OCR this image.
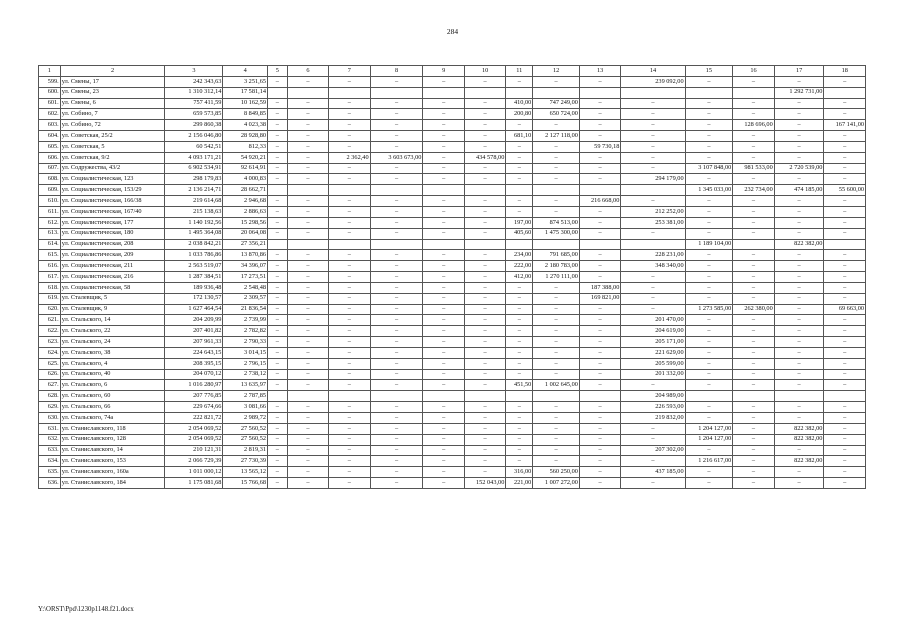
284
1	2	3	4	5	6	7	8	9	10	11	12	13	14	15	16	17	18
599.	ул. Смены, 17	242 343,63	3 251,65	–	–	–	–	–	–	–	–	–	239 092,00	–	–	–	–
600.	ул. Смены, 23	1 310 312,14	17 581,14													1 292 731,00	
601.	ул. Смены, 6	757 411,59	10 162,59	–	–	–	–	–	–	410,00	747 249,00	–	–	–	–	–	–
602.	ул. Собино, 7	659 573,85	8 849,85	–	–	–	–	–	–	200,80	650 724,00	–	–	–	–	–	–
603.	ул. Собино, 72	299 860,38	4 023,38	–	–	–	–	–	–	–	–	–	–	–	128 696,00	–	167 141,00
604.	ул. Советская, 25/2	2 156 046,80	28 928,80	–	–	–	–	–	–	681,10	2 127 118,00	–	–	–	–	–	–
605.	ул. Советская, 5	60 542,51	812,33	–	–	–	–	–	–	–	–	59 730,18	–	–	–	–	–
606.	ул. Советская, 9/2	4 093 171,21	54 920,21	–	–	2 362,40	3 603 673,00	–	434 578,00	–	–	–	–	–	–	–	–
607.	ул. Содружества, 43/2	6 902 534,91	92 614,91	–	–	–	–	–	–	–	–	–	–	3 107 848,00	981 533,00	2 720 539,00	–
608.	ул. Социалистическая, 123	298 179,83	4 000,83	–	–	–	–	–	–	–	–	–	294 179,00	–	–	–	–
609.	ул. Социалистическая, 153/29	2 136 214,71	28 662,71											1 345 033,00	232 734,00	474 185,00	55 600,00
610.	ул. Социалистическая, 166/38	219 614,68	2 946,68	–	–	–	–	–	–	–	–	216 668,00	–	–	–	–	–
611.	ул. Социалистическая, 167/40	215 138,63	2 886,63	–	–	–	–	–	–	–	–	–	212 252,00	–	–	–	–
612.	ул. Социалистическая, 177	1 140 192,56	15 298,56	–	–	–	–	–	–	197,00	874 513,00	–	253 381,00	–	–	–	–
613.	ул. Социалистическая, 180	1 495 364,08	20 064,08	–	–	–	–	–	–	405,60	1 475 300,00	–	–	–	–	–	–
614.	ул. Социалистическая, 208	2 038 842,21	27 356,21											1 189 104,00		822 382,00	
615.	ул. Социалистическая, 209	1 033 786,86	13 870,86	–	–	–	–	–	–	234,00	791 685,00	–	228 231,00	–	–	–	–
616.	ул. Социалистическая, 211	2 563 519,07	34 396,07	–	–	–	–	–	–	222,00	2 180 783,00	–	348 340,00	–	–	–	–
617.	ул. Социалистическая, 216	1 287 384,51	17 273,51	–	–	–	–	–	–	412,00	1 270 111,00	–	–	–	–	–	–
618.	ул. Социалистическая, 58	189 936,48	2 548,48	–	–	–	–	–	–	–	–	187 388,00	–	–	–	–	–
619.	ул. Сталевщик, 5	172 130,57	2 309,57	–	–	–	–	–	–	–	–	169 821,00	–	–	–	–	–
620.	ул. Сталевщик, 9	1 627 464,54	21 836,54	–	–	–	–	–	–	–	–	–	–	1 273 585,00	262 380,00	–	69 663,00
621.	ул. Стальского, 14	204 209,99	2 739,99	–	–	–	–	–	–	–	–	–	201 470,00	–	–	–	–
622.	ул. Стальского, 22	207 401,82	2 782,82	–	–	–	–	–	–	–	–	–	204 619,00	–	–	–	–
623.	ул. Стальского, 24	207 961,33	2 790,33	–	–	–	–	–	–	–	–	–	205 171,00	–	–	–	–
624.	ул. Стальского, 38	224 643,15	3 014,15	–	–	–	–	–	–	–	–	–	221 629,00	–	–	–	–
625.	ул. Стальского, 4	208 395,15	2 796,15	–	–	–	–	–	–	–	–	–	205 599,00	–	–	–	–
626.	ул. Стальского, 40	204 070,12	2 738,12	–	–	–	–	–	–	–	–	–	201 332,00	–	–	–	–
627.	ул. Стальского, 6	1 016 280,97	13 635,97	–	–	–	–	–	–	451,50	1 002 645,00	–	–	–	–	–	–
628.	ул. Стальского, 60	207 776,85	2 787,85										204 989,00				
629.	ул. Стальского, 66	229 674,66	3 081,66	–	–	–	–	–	–	–	–	–	226 593,00	–	–	–	–
630.	ул. Стальского, 74а	222 821,72	2 989,72	–	–	–	–	–	–	–	–	–	219 832,00	–	–	–	–
631.	ул. Станиславского, 118	2 054 069,52	27 560,52	–	–	–	–	–	–	–	–	–	–	1 204 127,00	–	822 382,00	–
632.	ул. Станиславского, 128	2 054 069,52	27 560,52	–	–	–	–	–	–	–	–	–	–	1 204 127,00	–	822 382,00	–
633.	ул. Станиславского, 14	210 121,31	2 819,31	–	–	–	–	–	–	–	–	–	207 302,00	–	–	–	–
634.	ул. Станиславского, 153	2 066 729,39	27 730,39	–	–	–	–	–	–	–	–	–	–	1 216 617,00	–	822 382,00	–
635.	ул. Станиславского, 160а	1 011 000,12	13 565,12	–	–	–	–	–	–	316,00	560 250,00	–	437 185,00	–	–	–	–
636.	ул. Станиславского, 184	1 175 081,68	15 766,68	–	–	–	–	–	152 043,00	221,00	1 007 272,00	–	–	–	–	–	–
Y:\ORST\Ppd\1230p1148.f21.docx
